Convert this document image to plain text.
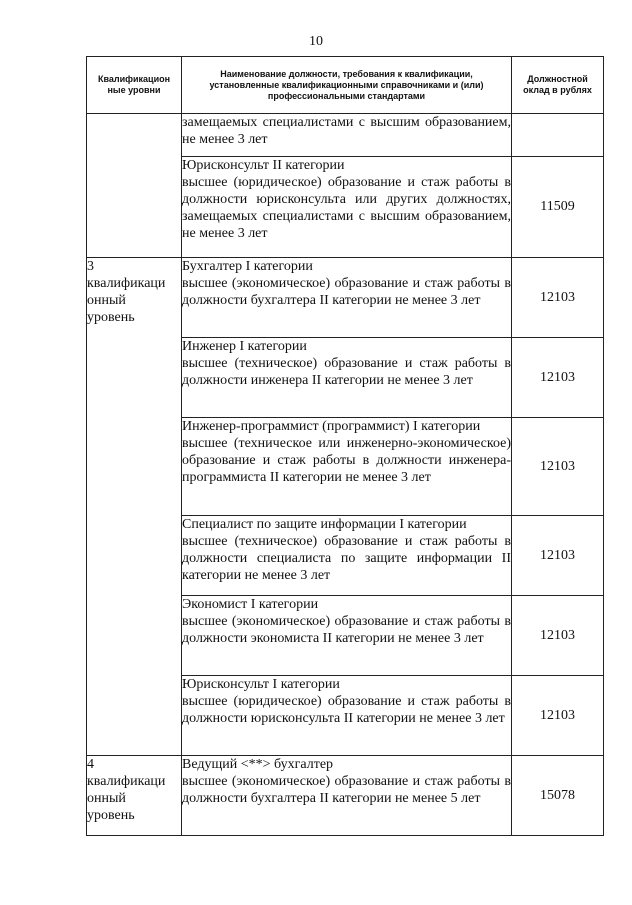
10
Квалификацион ные уровни	Наименование должности, требования к квалификации, установленные квалификационными справочниками и (или) профессиональными стандартами	Должностной оклад в рублях

	замещаемых специалистами с высшим образованием, не менее 3 лет	

	Юрисконсульт II категории
высшее (юридическое) образование и стаж работы в должности юрисконсульта или других должностях, замещаемых специалистами с высшим образованием, не менее 3 лет	11509

3
квалификаци
онный
уровень	Бухгалтер I категории
высшее (экономическое) образование и стаж работы в должности бухгалтера II категории не менее 3 лет	12103

	Инженер I категории
высшее (техническое) образование и стаж работы в должности инженера II категории не менее 3 лет	12103

	Инженер-программист (программист) I категории
высшее (техническое или инженерно-экономическое) образование и стаж работы в должности инженера-программиста II категории не менее 3 лет	12103

	Специалист по защите информации I категории
высшее (техническое) образование и стаж работы в должности специалиста по защите информации II категории не менее 3 лет	12103

	Экономист I категории
высшее (экономическое) образование и стаж работы в должности экономиста II категории не менее 3 лет	12103

	Юрисконсульт I категории
высшее (юридическое) образование и стаж работы в должности юрисконсульта II категории не менее 3 лет	12103

4
квалификаци
онный
уровень	Ведущий <**> бухгалтер
высшее (экономическое) образование и стаж работы в должности бухгалтера II категории не менее 5 лет	15078
